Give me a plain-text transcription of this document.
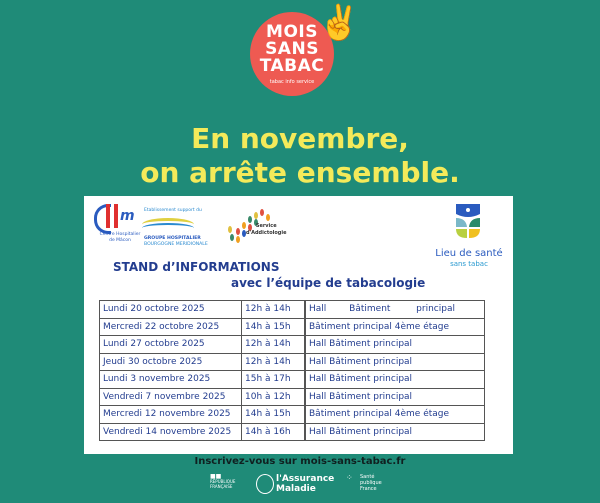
MOIS
SANS
TABAC
tabac info service
✌️
En novembre,
on arrête ensemble.
m
Centre Hospitalier
de Mâcon
Etablissement support du
GROUPE HOSPITALIER
BOURGOGNE MERIDIONALE
Service
d'Addictologie
Lieu de santé
sans tabac
STAND d’INFORMATIONS
avec l’équipe de tabacologie
Lundi 20 octobre 2025	12h à 14h	Hall        Bâtiment         principal
Mercredi 22 octobre 2025	14h à 15h	Bâtiment principal 4ème étage
Lundi 27 octobre 2025	12h à 14h	Hall Bâtiment principal
Jeudi 30 octobre 2025	12h à 14h	Hall Bâtiment principal
Lundi 3 novembre 2025	15h à 17h	Hall Bâtiment principal
Vendredi 7 novembre 2025	10h à 12h	Hall Bâtiment principal
Mercredi 12 novembre 2025	14h à 15h	Bâtiment principal 4ème étage
Vendredi 14 novembre 2025	14h à 16h	Hall Bâtiment principal
Inscrivez-vous sur mois-sans-tabac.fr
■■
RÉPUBLIQUE
FRANÇAISE
l'Assurance
Maladie
⁘ Santé
publique
France
